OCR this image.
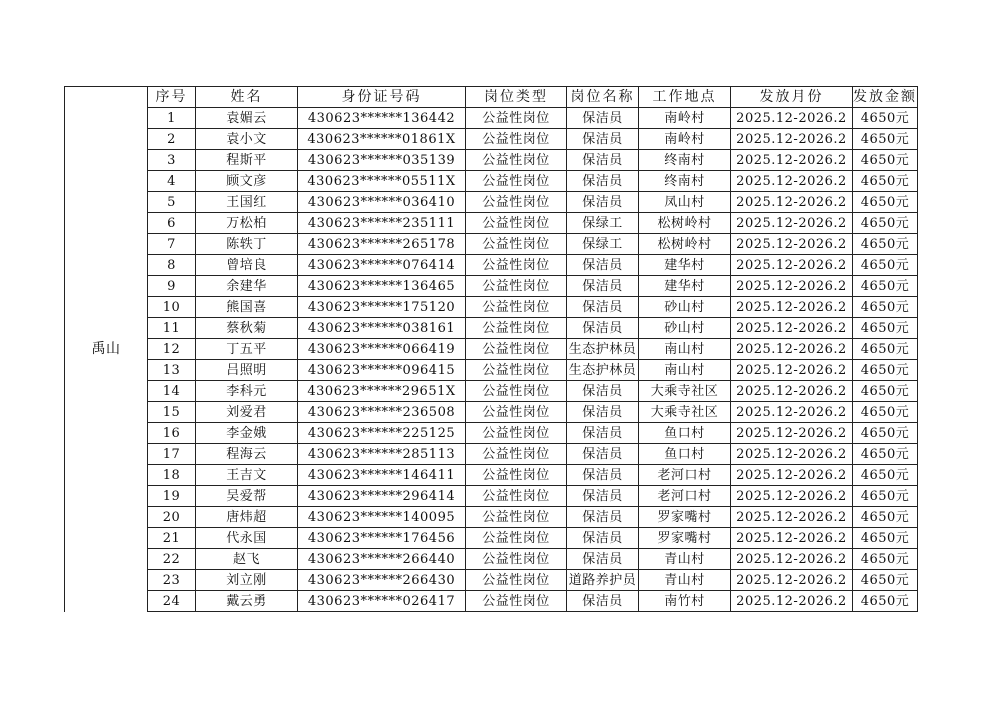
禹山	序号	姓名	身份证号码	岗位类型	岗位名称	工作地点	发放月份	发放金额
	1	袁媚云	430623******136442	公益性岗位	保洁员	南岭村	2025.12-2026.2	4650元
	2	袁小文	430623******01861X	公益性岗位	保洁员	南岭村	2025.12-2026.2	4650元
	3	程斯平	430623******035139	公益性岗位	保洁员	终南村	2025.12-2026.2	4650元
	4	顾文彦	430623******05511X	公益性岗位	保洁员	终南村	2025.12-2026.2	4650元
	5	王国红	430623******036410	公益性岗位	保洁员	凤山村	2025.12-2026.2	4650元
	6	万松柏	430623******235111	公益性岗位	保绿工	松树岭村	2025.12-2026.2	4650元
	7	陈轶丁	430623******265178	公益性岗位	保绿工	松树岭村	2025.12-2026.2	4650元
	8	曾培良	430623******076414	公益性岗位	保洁员	建华村	2025.12-2026.2	4650元
	9	余建华	430623******136465	公益性岗位	保洁员	建华村	2025.12-2026.2	4650元
	10	熊国喜	430623******175120	公益性岗位	保洁员	砂山村	2025.12-2026.2	4650元
	11	蔡秋菊	430623******038161	公益性岗位	保洁员	砂山村	2025.12-2026.2	4650元
	12	丁五平	430623******066419	公益性岗位	生态护林员	南山村	2025.12-2026.2	4650元
	13	吕照明	430623******096415	公益性岗位	生态护林员	南山村	2025.12-2026.2	4650元
	14	李科元	430623******29651X	公益性岗位	保洁员	大乘寺社区	2025.12-2026.2	4650元
	15	刘爱君	430623******236508	公益性岗位	保洁员	大乘寺社区	2025.12-2026.2	4650元
	16	李金娥	430623******225125	公益性岗位	保洁员	鱼口村	2025.12-2026.2	4650元
	17	程海云	430623******285113	公益性岗位	保洁员	鱼口村	2025.12-2026.2	4650元
	18	王吉文	430623******146411	公益性岗位	保洁员	老河口村	2025.12-2026.2	4650元
	19	吴爱帮	430623******296414	公益性岗位	保洁员	老河口村	2025.12-2026.2	4650元
	20	唐炜超	430623******140095	公益性岗位	保洁员	罗家嘴村	2025.12-2026.2	4650元
	21	代永国	430623******176456	公益性岗位	保洁员	罗家嘴村	2025.12-2026.2	4650元
	22	赵飞	430623******266440	公益性岗位	保洁员	青山村	2025.12-2026.2	4650元
	23	刘立刚	430623******266430	公益性岗位	道路养护员	青山村	2025.12-2026.2	4650元
	24	戴云勇	430623******026417	公益性岗位	保洁员	南竹村	2025.12-2026.2	4650元
